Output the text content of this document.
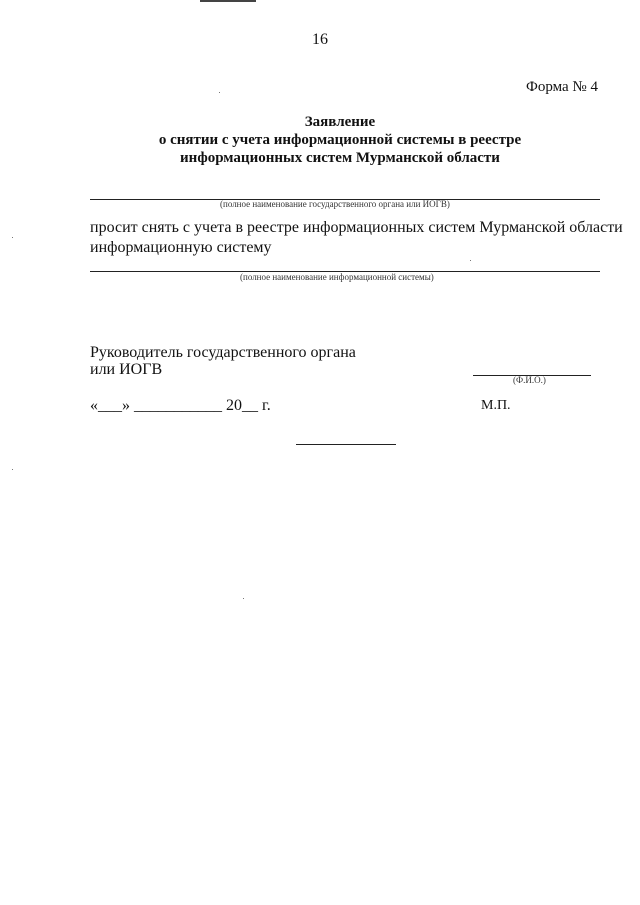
16
Форма № 4
Заявление
о снятии с учета информационной системы в реестре
информационных систем Мурманской области
(полное наименование государственного органа или ИОГВ)
просит снять с учета в реестре информационных систем Мурманской области
информационную систему
(полное наименование информационной системы)
Руководитель государственного органа
или ИОГВ
(Ф.И.О.)
«___» ___________ 20__ г.	М.П.
